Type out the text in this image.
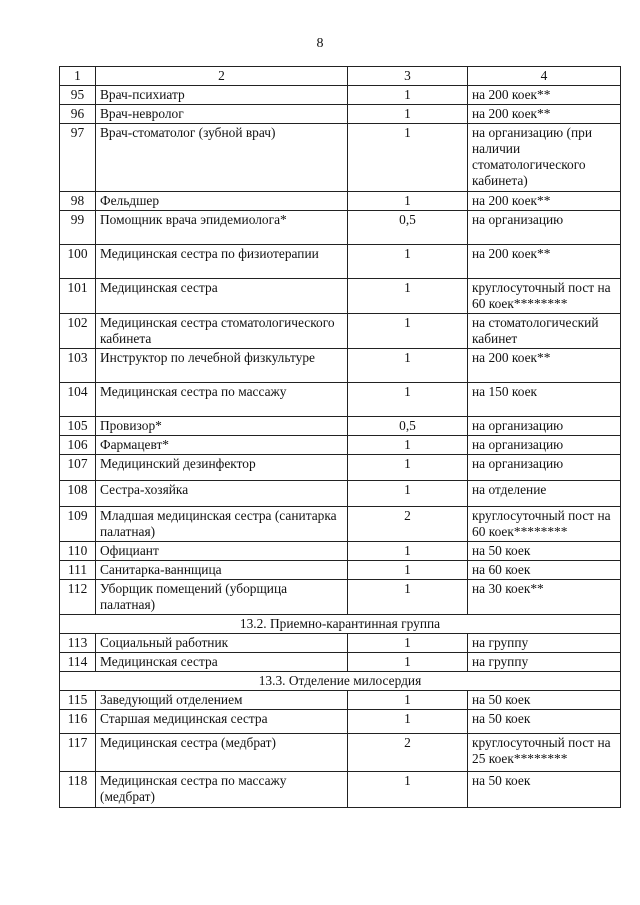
8
1	2	3	4
95	Врач-психиатр	1	на 200 коек**
96	Врач-невролог	1	на 200 коек**
97	Врач-стоматолог (зубной врач)	1	на организацию (при наличии стоматологического кабинета)
98	Фельдшер	1	на 200 коек**
99	Помощник врача эпидемиолога*	0,5	на организацию
100	Медицинская сестра по физиотерапии	1	на 200 коек**
101	Медицинская сестра	1	круглосуточный пост на 60 коек********
102	Медицинская сестра стоматологического кабинета	1	на стоматологический кабинет
103	Инструктор по лечебной физкультуре	1	на 200 коек**
104	Медицинская сестра по массажу	1	на 150 коек
105	Провизор*	0,5	на организацию
106	Фармацевт*	1	на организацию
107	Медицинский дезинфектор	1	на организацию
108	Сестра-хозяйка	1	на отделение
109	Младшая медицинская сестра (санитарка палатная)	2	круглосуточный пост на 60 коек********
110	Официант	1	на 50 коек
111	Санитарка-ваннщица	1	на 60 коек
112	Уборщик помещений (уборщица палатная)	1	на 30 коек**
13.2. Приемно-карантинная группа			
113	Социальный работник	1	на группу
114	Медицинская сестра	1	на группу
13.3. Отделение милосердия			
115	Заведующий отделением	1	на 50 коек
116	Старшая медицинская сестра	1	на 50 коек
117	Медицинская сестра (медбрат)	2	круглосуточный пост на 25 коек********
118	Медицинская сестра по массажу (медбрат)	1	на 50 коек
